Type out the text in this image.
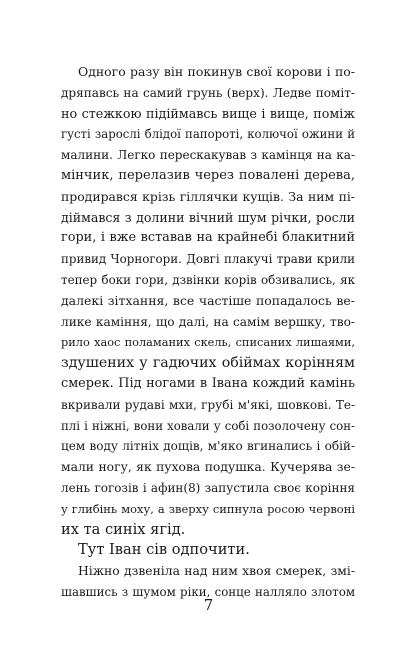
Одного разу він покинув свої корови і по-
дряпавсь на самий грунь (верх). Ледве поміт-
но стежкою підіймавсь вище і вище, поміж
густі зарослі блідої папороті, колючої ожини й
малини. Легко перескакував з камінця на ка-
мінчик, перелазив через повалені дерева,
продирався крізь гіллячки кущів. За ним пі-
діймався з долини вічний шум річки, росли
гори, і вже вставав на крайнебі блакитний
привид Чорногори. Довгі плакучі трави крили
тепер боки гори, дзвінки корів обзивались, як
далекі зітхання, все частіше попадалось ве-
лике каміння, що далі, на самім вершку, тво-
рило хаос поламаних скель, списаних лишаями,
здушених у гадючих обіймах корінням
смерек. Під ногами в Івана кождий камінь
вкривали рудаві мхи, грубі м'які, шовкові. Те-
плі і ніжні, вони ховали у собі позолочену сон-
цем воду літніх дощів, м'яко вгинались і обій-
мали ногу, як пухова подушка. Кучерява зе-
лень гогозів і афин(8) запустила своє коріння
у глибінь моху, а зверху сипнула росою червоні
их та синіх ягід.
Тут Іван сів одпочити.
Ніжно дзвеніла над ним хвоя смерек, змі-
шавшись з шумом ріки, сонце наллялo злотом
7
